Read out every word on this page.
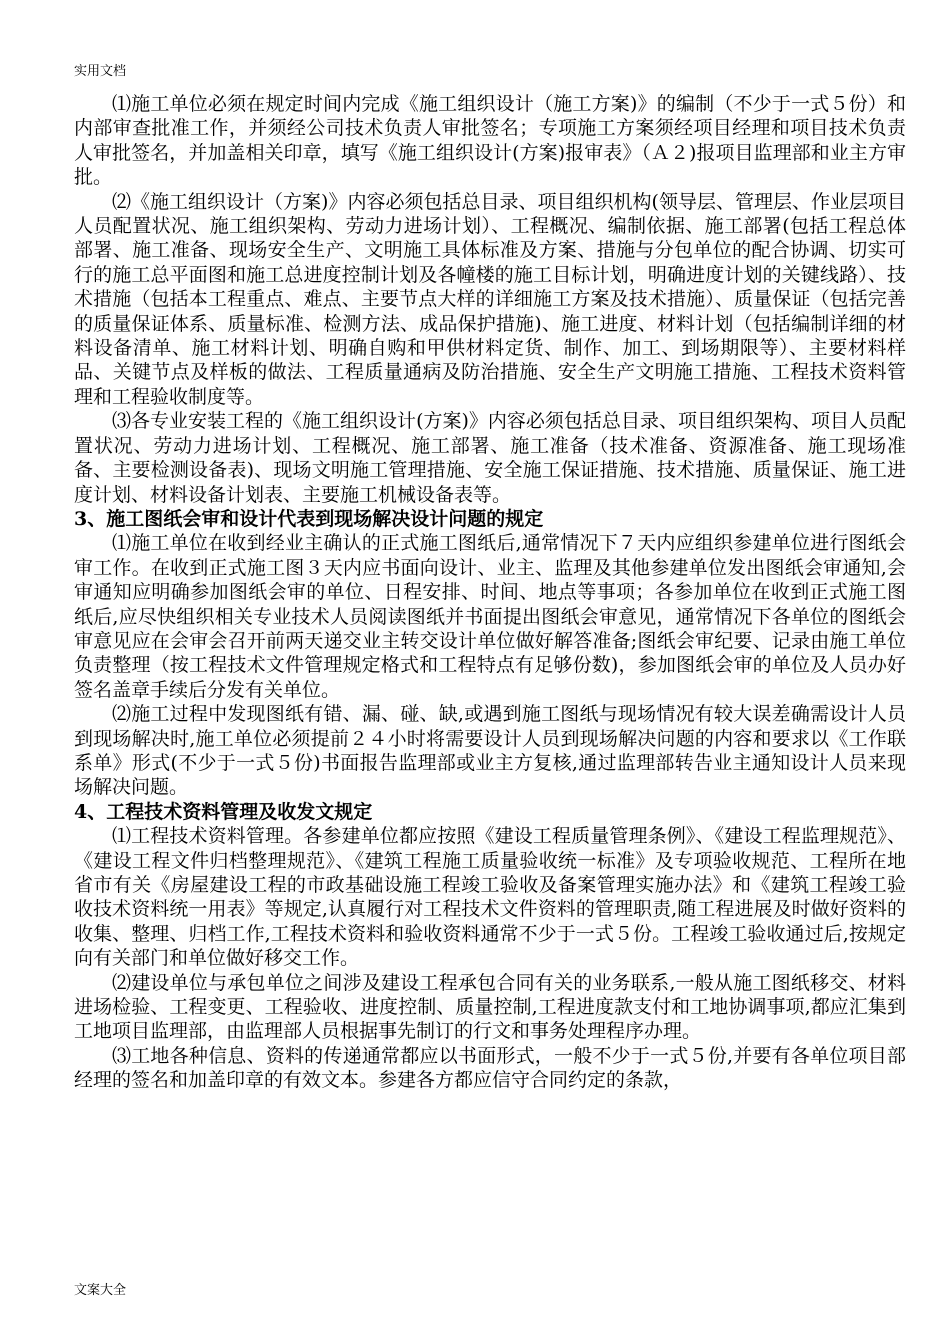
实用文档

⑴施工单位必须在规定时间内完成《施工组织设计（施工方案)》的编制（不少于一式５份）和内部审查批准工作，并须经公司技术负责人审批签名；专项施工方案须经项目经理和项目技术负责人审批签名，并加盖相关印章，填写《施工组织设计(方案)报审表》（Ａ２)报项目监理部和业主方审批。

⑵《施工组织设计（方案)》内容必须包括总目录、项目组织机构(领导层、管理层、作业层项目人员配置状况、施工组织架构、劳动力进场计划）、工程概况、编制依据、施工部署(包括工程总体部署、施工准备、现场安全生产、文明施工具体标准及方案、措施与分包单位的配合协调、切实可行的施工总平面图和施工总进度控制计划及各幢楼的施工目标计划，明确进度计划的关键线路）、技术措施（包括本工程重点、难点、主要节点大样的详细施工方案及技术措施）、质量保证（包括完善的质量保证体系、质量标准、检测方法、成品保护措施)、施工进度、材料计划（包括编制详细的材料设备清单、施工材料计划、明确自购和甲供材料定货、制作、加工、到场期限等）、主要材料样品、关键节点及样板的做法、工程质量通病及防治措施、安全生产文明施工措施、工程技术资料管理和工程验收制度等。

⑶各专业安装工程的《施工组织设计(方案)》内容必须包括总目录、项目组织架构、项目人员配置状况、劳动力进场计划、工程概况、施工部署、施工准备（技术准备、资源准备、施工现场准备、主要检测设备表)、现场文明施工管理措施、安全施工保证措施、技术措施、质量保证、施工进度计划、材料设备计划表、主要施工机械设备表等。

3、施工图纸会审和设计代表到现场解决设计问题的规定

⑴施工单位在收到经业主确认的正式施工图纸后,通常情况下７天内应组织参建单位进行图纸会审工作。在收到正式施工图３天内应书面向设计、业主、监理及其他参建单位发出图纸会审通知,会审通知应明确参加图纸会审的单位、日程安排、时间、地点等事项；各参加单位在收到正式施工图纸后,应尽快组织相关专业技术人员阅读图纸并书面提出图纸会审意见，通常情况下各单位的图纸会审意见应在会审会召开前两天递交业主转交设计单位做好解答准备;图纸会审纪要、记录由施工单位负责整理（按工程技术文件管理规定格式和工程特点有足够份数)，参加图纸会审的单位及人员办好签名盖章手续后分发有关单位。

⑵施工过程中发现图纸有错、漏、碰、缺,或遇到施工图纸与现场情况有较大误差确需设计人员到现场解决时,施工单位必须提前２４小时将需要设计人员到现场解决问题的内容和要求以《工作联系单》形式(不少于一式５份)书面报告监理部或业主方复核,通过监理部转告业主通知设计人员来现场解决问题。

4、工程技术资料管理及收发文规定

⑴工程技术资料管理。各参建单位都应按照《建设工程质量管理条例》、《建设工程监理规范》、《建设工程文件归档整理规范》、《建筑工程施工质量验收统一标准》及专项验收规范、工程所在地省市有关《房屋建设工程的市政基础设施工程竣工验收及备案管理实施办法》和《建筑工程竣工验收技术资料统一用表》等规定,认真履行对工程技术文件资料的管理职责,随工程进展及时做好资料的收集、整理、归档工作,工程技术资料和验收资料通常不少于一式５份。工程竣工验收通过后,按规定向有关部门和单位做好移交工作。

⑵建设单位与承包单位之间涉及建设工程承包合同有关的业务联系,一般从施工图纸移交、材料进场检验、工程变更、工程验收、进度控制、质量控制,工程进度款支付和工地协调事项,都应汇集到工地项目监理部，由监理部人员根据事先制订的行文和事务处理程序办理。

⑶工地各种信息、资料的传递通常都应以书面形式，一般不少于一式５份,并要有各单位项目部经理的签名和加盖印章的有效文本。参建各方都应信守合同约定的条款，

文案大全
